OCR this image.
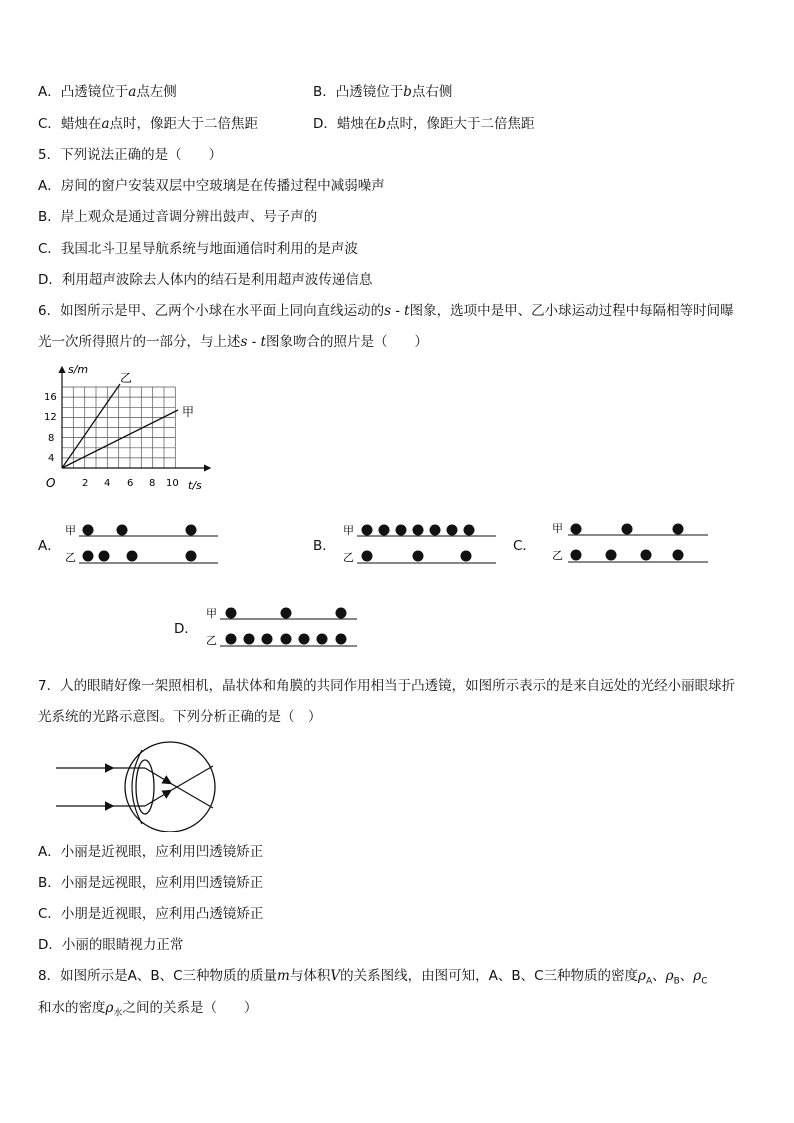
A．凸透镜位于a点左侧	B．凸透镜位于b点右侧
C．蜡烛在a点时，像距大于二倍焦距	D．蜡烛在b点时，像距大于二倍焦距
5．下列说法正确的是（　　）
A．房间的窗户安装双层中空玻璃是在传播过程中减弱噪声
B．岸上观众是通过音调分辨出鼓声、号子声的
C．我国北斗卫星导航系统与地面通信时利用的是声波
D．利用超声波除去人体内的结石是利用超声波传递信息
6．如图所示是甲、乙两个小球在水平面上同向直线运动的s - t图象，选项中是甲、乙小球运动过程中每隔相等时间曝
光一次所得照片的一部分，与上述s - t图象吻合的照片是（　　）
s/m
t/s
O
4
8
12
16
2 4 6 8 10
乙
甲
A．
甲
乙
B．
甲
乙
C．
甲
乙
D．
甲
乙
7．人的眼睛好像一架照相机，晶状体和角膜的共同作用相当于凸透镜，如图所示表示的是来自远处的光经小丽眼球折
光系统的光路示意图。下列分析正确的是（　）
A．小丽是近视眼，应利用凹透镜矫正
B．小丽是远视眼，应利用凹透镜矫正
C．小朋是近视眼，应利用凸透镜矫正
D．小丽的眼睛视力正常
8．如图所示是A、B、C三种物质的质量m与体积V的关系图线，由图可知，A、B、C三种物质的密度$\rho_A$、$\rho_B$、$\rho_C$
和水的密度$\rho_水$之间的关系是（　　）
